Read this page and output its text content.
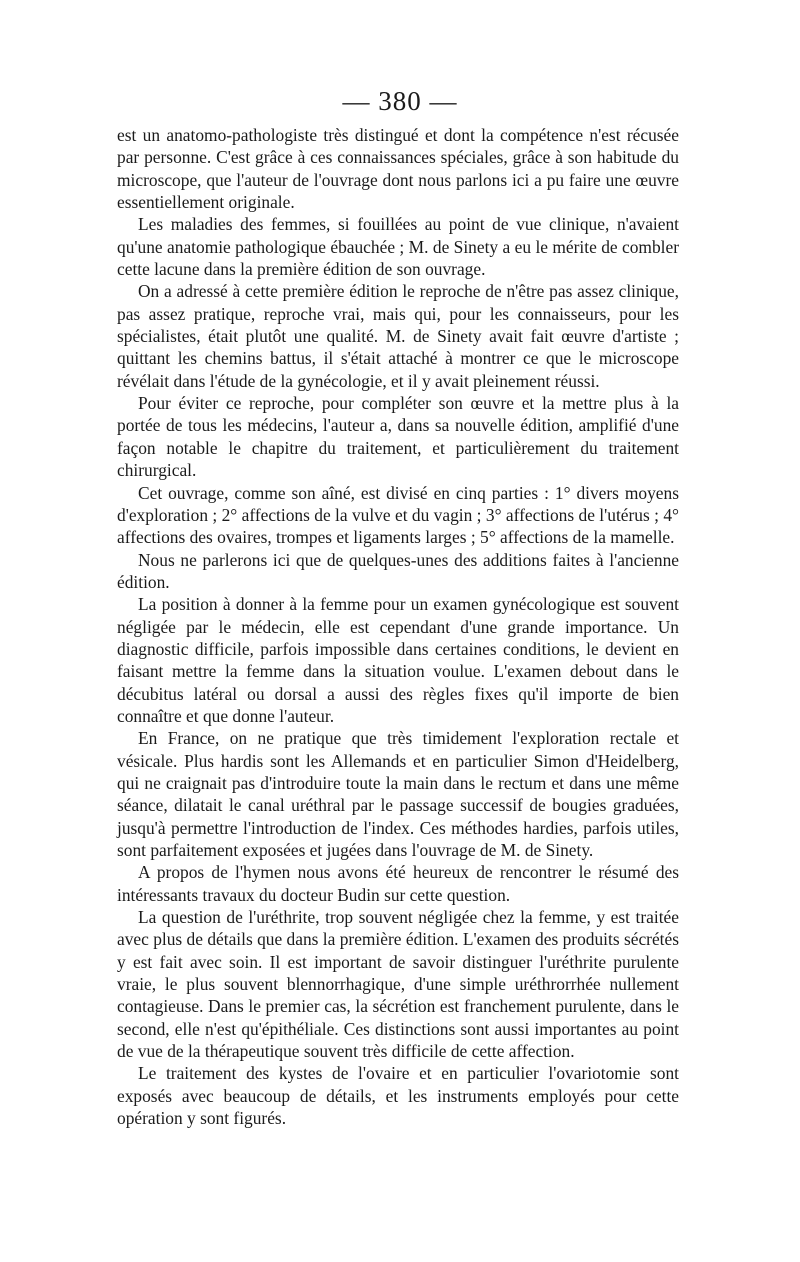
— 380 —

est un anatomo-pathologiste très distingué et dont la compétence n'est récusée par personne. C'est grâce à ces connaissances spéciales, grâce à son habitude du microscope, que l'auteur de l'ouvrage dont nous parlons ici a pu faire une œuvre essentiellement originale.

Les maladies des femmes, si fouillées au point de vue clinique, n'avaient qu'une anatomie pathologique ébauchée ; M. de Sinety a eu le mérite de combler cette lacune dans la première édition de son ouvrage.

On a adressé à cette première édition le reproche de n'être pas assez clinique, pas assez pratique, reproche vrai, mais qui, pour les connaisseurs, pour les spécialistes, était plutôt une qualité. M. de Sinety avait fait œuvre d'artiste ; quittant les chemins battus, il s'était attaché à montrer ce que le microscope révélait dans l'étude de la gynécologie, et il y avait pleinement réussi.

Pour éviter ce reproche, pour compléter son œuvre et la mettre plus à la portée de tous les médecins, l'auteur a, dans sa nouvelle édition, amplifié d'une façon notable le chapitre du traitement, et particulièrement du traitement chirurgical.

Cet ouvrage, comme son aîné, est divisé en cinq parties : 1° divers moyens d'exploration ; 2° affections de la vulve et du vagin ; 3° affections de l'utérus ; 4° affections des ovaires, trompes et ligaments larges ; 5° affections de la mamelle.

Nous ne parlerons ici que de quelques-unes des additions faites à l'ancienne édition.

La position à donner à la femme pour un examen gynécologique est souvent négligée par le médecin, elle est cependant d'une grande importance. Un diagnostic difficile, parfois impossible dans certaines conditions, le devient en faisant mettre la femme dans la situation voulue. L'examen debout dans le décubitus latéral ou dorsal a aussi des règles fixes qu'il importe de bien connaître et que donne l'auteur.

En France, on ne pratique que très timidement l'exploration rectale et vésicale. Plus hardis sont les Allemands et en particulier Simon d'Heidelberg, qui ne craignait pas d'introduire toute la main dans le rectum et dans une même séance, dilatait le canal uréthral par le passage successif de bougies graduées, jusqu'à permettre l'introduction de l'index. Ces méthodes hardies, parfois utiles, sont parfaitement exposées et jugées dans l'ouvrage de M. de Sinety.

A propos de l'hymen nous avons été heureux de rencontrer le résumé des intéressants travaux du docteur Budin sur cette question.

La question de l'uréthrite, trop souvent négligée chez la femme, y est traitée avec plus de détails que dans la première édition. L'examen des produits sécrétés y est fait avec soin. Il est important de savoir distinguer l'uréthrite purulente vraie, le plus souvent blennorrhagique, d'une simple uréthrorrhée nullement contagieuse. Dans le premier cas, la sécrétion est franchement purulente, dans le second, elle n'est qu'épithéliale. Ces distinctions sont aussi importantes au point de vue de la thérapeutique souvent très difficile de cette affection.

Le traitement des kystes de l'ovaire et en particulier l'ovariotomie sont exposés avec beaucoup de détails, et les instruments employés pour cette opération y sont figurés.
